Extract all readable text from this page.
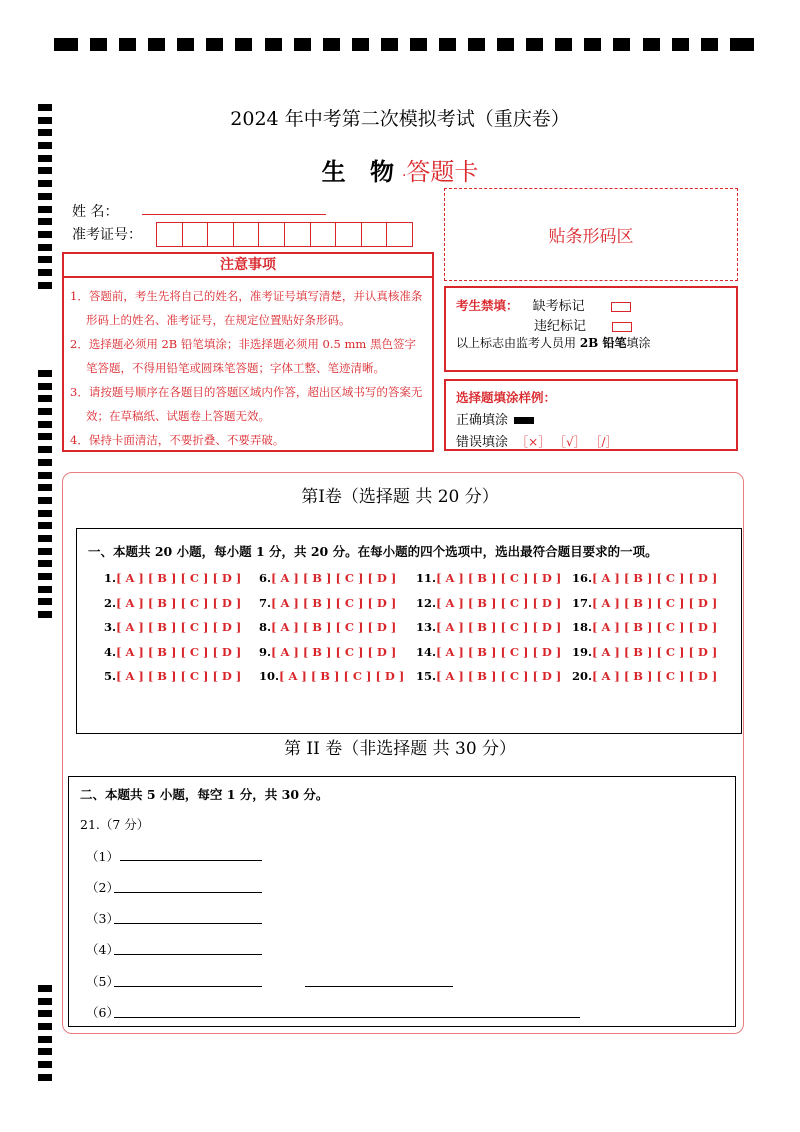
2024 年中考第二次模拟考试（重庆卷）
生 物·答题卡
姓 名：
准考证号：
注意事项

1．答题前，考生先将自己的姓名，准考证号填写清楚，并认真核准条形码上的姓名、准考证号，在规定位置贴好条形码。

2．选择题必须用 2B 铅笔填涂；非选择题必须用 0.5 mm 黑色签字笔答题，不得用铅笔或圆珠笔答题；字体工整、笔迹清晰。

3．请按题号顺序在各题目的答题区域内作答，超出区域书写的答案无效；在草稿纸、试题卷上答题无效。

4．保持卡面清洁，不要折叠、不要弄破。

贴条形码区
考生禁填： 缺考标记
违纪标记
以上标志由监考人员用 2B 铅笔填涂
选择题填涂样例：
正确填涂
错误填涂 ［×］ ［√］ ［/］
第Ⅰ卷（选择题 共 20 分）
一、本题共 20 小题，每小题 1 分，共 20 分。在每小题的四个选项中，选出最符合题目要求的一项。
1.[ A ] [ B ] [ C ] [ D ]
2.[ A ] [ B ] [ C ] [ D ]
3.[ A ] [ B ] [ C ] [ D ]
4.[ A ] [ B ] [ C ] [ D ]
5.[ A ] [ B ] [ C ] [ D ]
6.[ A ] [ B ] [ C ] [ D ]
7.[ A ] [ B ] [ C ] [ D ]
8.[ A ] [ B ] [ C ] [ D ]
9.[ A ] [ B ] [ C ] [ D ]
10.[ A ] [ B ] [ C ] [ D ]
11.[ A ] [ B ] [ C ] [ D ]
12.[ A ] [ B ] [ C ] [ D ]
13.[ A ] [ B ] [ C ] [ D ]
14.[ A ] [ B ] [ C ] [ D ]
15.[ A ] [ B ] [ C ] [ D ]
16.[ A ] [ B ] [ C ] [ D ]
17.[ A ] [ B ] [ C ] [ D ]
18.[ A ] [ B ] [ C ] [ D ]
19.[ A ] [ B ] [ C ] [ D ]
20.[ A ] [ B ] [ C ] [ D ]
第 II 卷（非选择题 共 30 分）
二、本题共 5 小题，每空 1 分，共 30 分。
21.（7 分）
（1）
（2）
（3）
（4）
（5）
（6）
